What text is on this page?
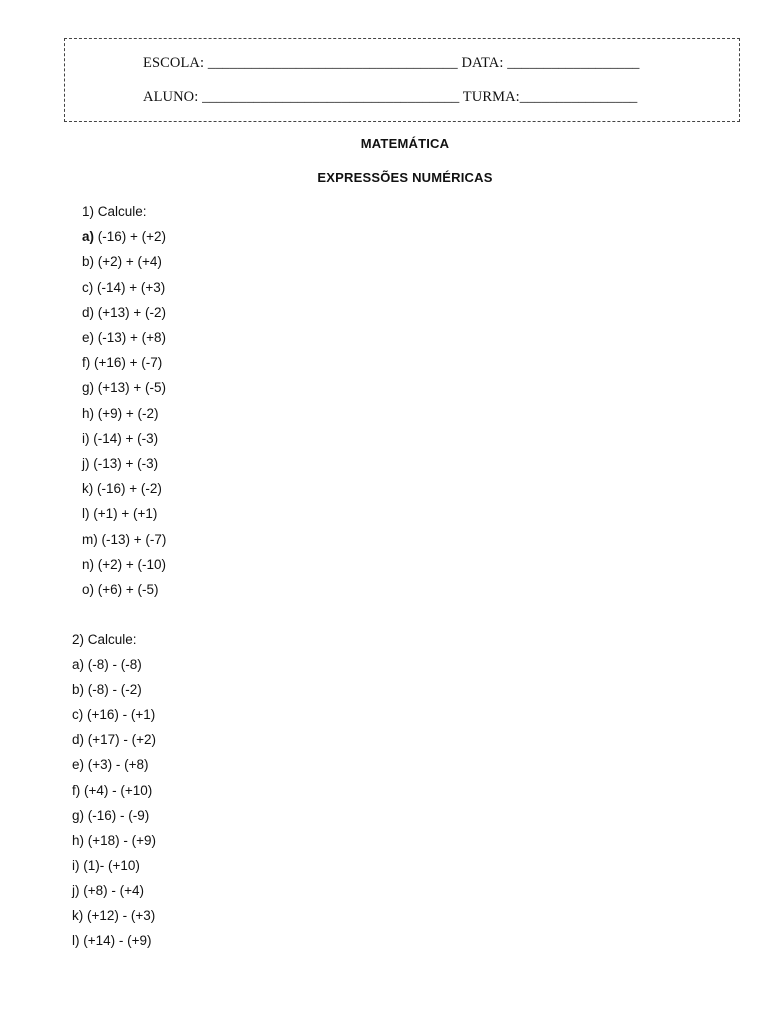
ESCOLA: __________________________________ DATA: __________________
ALUNO: ___________________________________ TURMA:________________
MATEMÁTICA
EXPRESSÕES NUMÉRICAS
1) Calcule:
a) (-16) + (+2)
b) (+2) + (+4)
c) (-14) + (+3)
d) (+13) + (-2)
e) (-13) + (+8)
f) (+16) + (-7)
g) (+13) + (-5)
h) (+9) + (-2)
i) (-14) + (-3)
j) (-13) + (-3)
k) (-16) + (-2)
l) (+1) + (+1)
m) (-13) + (-7)
n) (+2) + (-10)
o) (+6) + (-5)
2) Calcule:
a) (-8) - (-8)
b) (-8) - (-2)
c) (+16) - (+1)
d) (+17) - (+2)
e) (+3) - (+8)
f) (+4) - (+10)
g) (-16) - (-9)
h) (+18) - (+9)
i) (1)- (+10)
j) (+8) - (+4)
k) (+12) - (+3)
l) (+14) - (+9)
